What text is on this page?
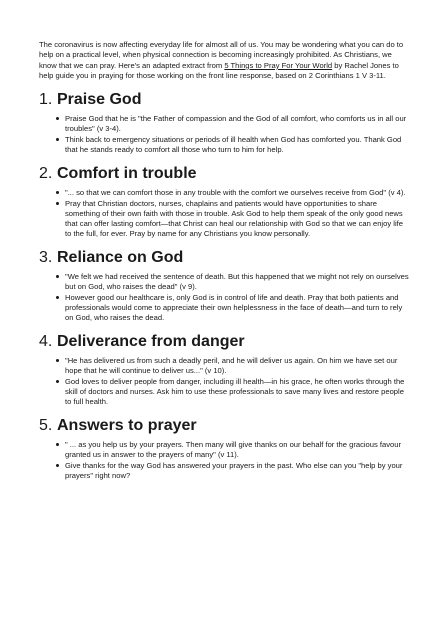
The coronavirus is now affecting everyday life for almost all of us. You may be wondering what you can do to help on a practical level, when physical connection is becoming increasingly prohibited. As Christians, we know that we can pray. Here's an adapted extract from 5 Things to Pray For Your World by Rachel Jones to help guide you in praying for those working on the front line response, based on 2 Corinthians 1 V 3-11.

1. Praise God
Praise God that he is "the Father of compassion and the God of all comfort, who comforts us in all our troubles" (v 3-4).
Think back to emergency situations or periods of ill health when God has comforted you. Thank God that he stands ready to comfort all those who turn to him for help.
2. Comfort in trouble
"... so that we can comfort those in any trouble with the comfort we ourselves receive from God" (v 4).
Pray that Christian doctors, nurses, chaplains and patients would have opportunities to share something of their own faith with those in trouble. Ask God to help them speak of the only good news that can offer lasting comfort—that Christ can heal our relationship with God so that we can enjoy life to the full, for ever. Pray by name for any Christians you know personally.
3. Reliance on God
"We felt we had received the sentence of death. But this happened that we might not rely on ourselves but on God, who raises the dead" (v 9).
However good our healthcare is, only God is in control of life and death. Pray that both patients and professionals would come to appreciate their own helplessness in the face of death—and turn to rely on God, who raises the dead.
4. Deliverance from danger
"He has delivered us from such a deadly peril, and he will deliver us again. On him we have set our hope that he will continue to deliver us..." (v 10).
God loves to deliver people from danger, including ill health—in his grace, he often works through the skill of doctors and nurses. Ask him to use these professionals to save many lives and restore people to full health.
5. Answers to prayer
" ... as you help us by your prayers. Then many will give thanks on our behalf for the gracious favour granted us in answer to the prayers of many" (v 11).
Give thanks for the way God has answered your prayers in the past. Who else can you "help by your prayers" right now?
